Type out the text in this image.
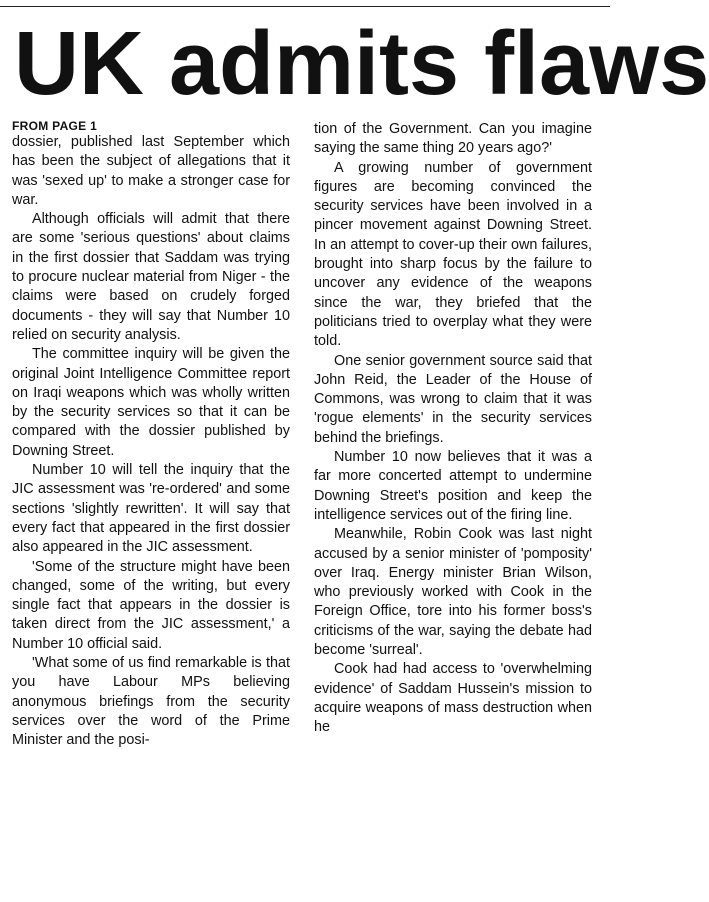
UK admits flaws
FROM PAGE 1

dossier, published last September which has been the subject of allegations that it was 'sexed up' to make a stronger case for war.

Although officials will admit that there are some 'serious questions' about claims in the first dossier that Saddam was trying to procure nuclear material from Niger - the claims were based on crudely forged documents - they will say that Number 10 relied on security analysis.

The committee inquiry will be given the original Joint Intelligence Committee report on Iraqi weapons which was wholly written by the security services so that it can be compared with the dossier published by Downing Street.

Number 10 will tell the inquiry that the JIC assessment was 're-ordered' and some sections 'slightly rewritten'. It will say that every fact that appeared in the first dossier also appeared in the JIC assessment.

'Some of the structure might have been changed, some of the writing, but every single fact that appears in the dossier is taken direct from the JIC assessment,' a Number 10 official said.

'What some of us find remarkable is that you have Labour MPs believing anonymous briefings from the security services over the word of the Prime Minister and the posi-

tion of the Government. Can you imagine saying the same thing 20 years ago?'

A growing number of government figures are becoming convinced the security services have been involved in a pincer movement against Downing Street. In an attempt to cover-up their own failures, brought into sharp focus by the failure to uncover any evidence of the weapons since the war, they briefed that the politicians tried to overplay what they were told.

One senior government source said that John Reid, the Leader of the House of Commons, was wrong to claim that it was 'rogue elements' in the security services behind the briefings.

Number 10 now believes that it was a far more concerted attempt to undermine Downing Street's position and keep the intelligence services out of the firing line.

Meanwhile, Robin Cook was last night accused by a senior minister of 'pomposity' over Iraq. Energy minister Brian Wilson, who previously worked with Cook in the Foreign Office, tore into his former boss's criticisms of the war, saying the debate had become 'surreal'.

Cook had had access to 'overwhelming evidence' of Saddam Hussein's mission to acquire weapons of mass destruction when he
